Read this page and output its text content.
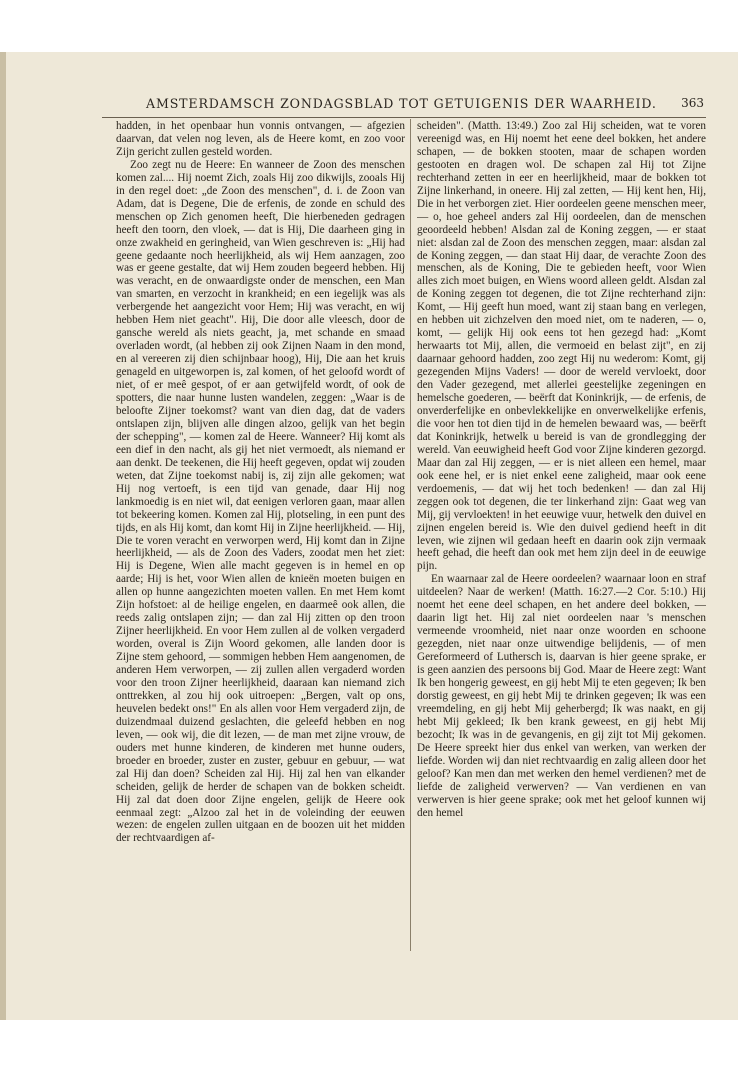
AMSTERDAMSCH ZONDAGSBLAD TOT GETUIGENIS DER WAARHEID. 363

hadden, in het openbaar hun vonnis ontvangen, — afgezien daarvan, dat velen nog leven, als de Heere komt, en zoo voor Zijn gericht zullen gesteld worden.

Zoo zegt nu de Heere: En wanneer de Zoon des menschen komen zal.... Hij noemt Zich, zoals Hij zoo dikwijls, zooals Hij in den regel doet: „de Zoon des menschen", d. i. de Zoon van Adam, dat is Degene, Die de erfenis, de zonde en schuld des menschen op Zich genomen heeft, Die hierbeneden gedragen heeft den toorn, den vloek, — dat is Hij, Die daarheen ging in onze zwakheid en geringheid, van Wien geschreven is: „Hij had geene gedaante noch heerlijkheid, als wij Hem aanzagen, zoo was er geene gestalte, dat wij Hem zouden begeerd hebben. Hij was veracht, en de onwaardigste onder de menschen, een Man van smarten, en verzocht in krankheid; en een iegelijk was als verbergende het aangezicht voor Hem; Hij was veracht, en wij hebben Hem niet geacht". Hij, Die door alle vleesch, door de gansche wereld als niets geacht, ja, met schande en smaad overladen wordt, (al hebben zij ook Zijnen Naam in den mond, en al vereeren zij dien schijnbaar hoog), Hij, Die aan het kruis genageld en uitgeworpen is, zal komen, of het geloofd wordt of niet, of er meê gespot, of er aan getwijfeld wordt, of ook de spotters, die naar hunne lusten wandelen, zeggen: „Waar is de beloofte Zijner toekomst? want van dien dag, dat de vaders ontslapen zijn, blijven alle dingen alzoo, gelijk van het begin der schepping", — komen zal de Heere. Wanneer? Hij komt als een dief in den nacht, als gij het niet vermoedt, als niemand er aan denkt. De teekenen, die Hij heeft gegeven, opdat wij zouden weten, dat Zijne toekomst nabij is, zij zijn alle gekomen; wat Hij nog vertoeft, is een tijd van genade, daar Hij nog lankmoedig is en niet wil, dat eenigen verloren gaan, maar allen tot bekeering komen. Komen zal Hij, plotseling, in een punt des tijds, en als Hij komt, dan komt Hij in Zijne heerlijkheid. — Hij, Die te voren veracht en verworpen werd, Hij komt dan in Zijne heerlijkheid, — als de Zoon des Vaders, zoodat men het ziet: Hij is Degene, Wien alle macht gegeven is in hemel en op aarde; Hij is het, voor Wien allen de knieën moeten buigen en allen op hunne aangezichten moeten vallen. En met Hem komt Zijn hofstoet: al de heilige engelen, en daarmeê ook allen, die reeds zalig ontslapen zijn; — dan zal Hij zitten op den troon Zijner heerlijkheid. En voor Hem zullen al de volken vergaderd worden, overal is Zijn Woord gekomen, alle landen door is Zijne stem gehoord, — sommigen hebben Hem aangenomen, de anderen Hem verworpen, — zij zullen allen vergaderd worden voor den troon Zijner heerlijkheid, daaraan kan niemand zich onttrekken, al zou hij ook uitroepen: „Bergen, valt op ons, heuvelen bedekt ons!" En als allen voor Hem vergaderd zijn, de duizendmaal duizend geslachten, die geleefd hebben en nog leven, — ook wij, die dit lezen, — de man met zijne vrouw, de ouders met hunne kinderen, de kinderen met hunne ouders, broeder en broeder, zuster en zuster, gebuur en gebuur, — wat zal Hij dan doen? Scheiden zal Hij. Hij zal hen van elkander scheiden, gelijk de herder de schapen van de bokken scheidt. Hij zal dat doen door Zijne engelen, gelijk de Heere ook eenmaal zegt: „Alzoo zal het in de voleinding der eeuwen wezen: de engelen zullen uitgaan en de boozen uit het midden der rechtvaardigen af-

scheiden". (Matth. 13:49.) Zoo zal Hij scheiden, wat te voren vereenigd was, en Hij noemt het eene deel bokken, het andere schapen, — de bokken stooten, maar de schapen worden gestooten en dragen wol. De schapen zal Hij tot Zijne rechterhand zetten in eer en heerlijkheid, maar de bokken tot Zijne linkerhand, in oneere. Hij zal zetten, — Hij kent hen, Hij, Die in het verborgen ziet. Hier oordeelen geene menschen meer, — o, hoe geheel anders zal Hij oordeelen, dan de menschen geoordeeld hebben! Alsdan zal de Koning zeggen, — er staat niet: alsdan zal de Zoon des menschen zeggen, maar: alsdan zal de Koning zeggen, — dan staat Hij daar, de verachte Zoon des menschen, als de Koning, Die te gebieden heeft, voor Wien alles zich moet buigen, en Wiens woord alleen geldt. Alsdan zal de Koning zeggen tot degenen, die tot Zijne rechterhand zijn: Komt, — Hij geeft hun moed, want zij staan bang en verlegen, en hebben uit zichzelven den moed niet, om te naderen, — o, komt, — gelijk Hij ook eens tot hen gezegd had: „Komt herwaarts tot Mij, allen, die vermoeid en belast zijt", en zij daarnaar gehoord hadden, zoo zegt Hij nu wederom: Komt, gij gezegenden Mijns Vaders! — door de wereld vervloekt, door den Vader gezegend, met allerlei geestelijke zegeningen en hemelsche goederen, — beërft dat Koninkrijk, — de erfenis, de onverderfelijke en onbevlekkelijke en onverwelkelijke erfenis, die voor hen tot dien tijd in de hemelen bewaard was, — beërft dat Koninkrijk, hetwelk u bereid is van de grondlegging der wereld. Van eeuwigheid heeft God voor Zijne kinderen gezorgd. Maar dan zal Hij zeggen, — er is niet alleen een hemel, maar ook eene hel, er is niet enkel eene zaligheid, maar ook eene verdoemenis, — dat wij het toch bedenken! — dan zal Hij zeggen ook tot degenen, die ter linkerhand zijn: Gaat weg van Mij, gij vervloekten! in het eeuwige vuur, hetwelk den duivel en zijnen engelen bereid is. Wie den duivel gediend heeft in dit leven, wie zijnen wil gedaan heeft en daarin ook zijn vermaak heeft gehad, die heeft dan ook met hem zijn deel in de eeuwige pijn.

En waarnaar zal de Heere oordeelen? waarnaar loon en straf uitdeelen? Naar de werken! (Matth. 16:27.—2 Cor. 5:10.) Hij noemt het eene deel schapen, en het andere deel bokken, — daarin ligt het. Hij zal niet oordeelen naar 's menschen vermeende vroomheid, niet naar onze woorden en schoone gezegden, niet naar onze uitwendige belijdenis, — of men Gereformeerd of Luthersch is, daarvan is hier geene sprake, er is geen aanzien des persoons bij God. Maar de Heere zegt: Want Ik ben hongerig geweest, en gij hebt Mij te eten gegeven; Ik ben dorstig geweest, en gij hebt Mij te drinken gegeven; Ik was een vreemdeling, en gij hebt Mij geherbergd; Ik was naakt, en gij hebt Mij gekleed; Ik ben krank geweest, en gij hebt Mij bezocht; Ik was in de gevangenis, en gij zijt tot Mij gekomen. De Heere spreekt hier dus enkel van werken, van werken der liefde. Worden wij dan niet rechtvaardig en zalig alleen door het geloof? Kan men dan met werken den hemel verdienen? met de liefde de zaligheid verwerven? — Van verdienen en van verwerven is hier geene sprake; ook met het geloof kunnen wij den hemel
